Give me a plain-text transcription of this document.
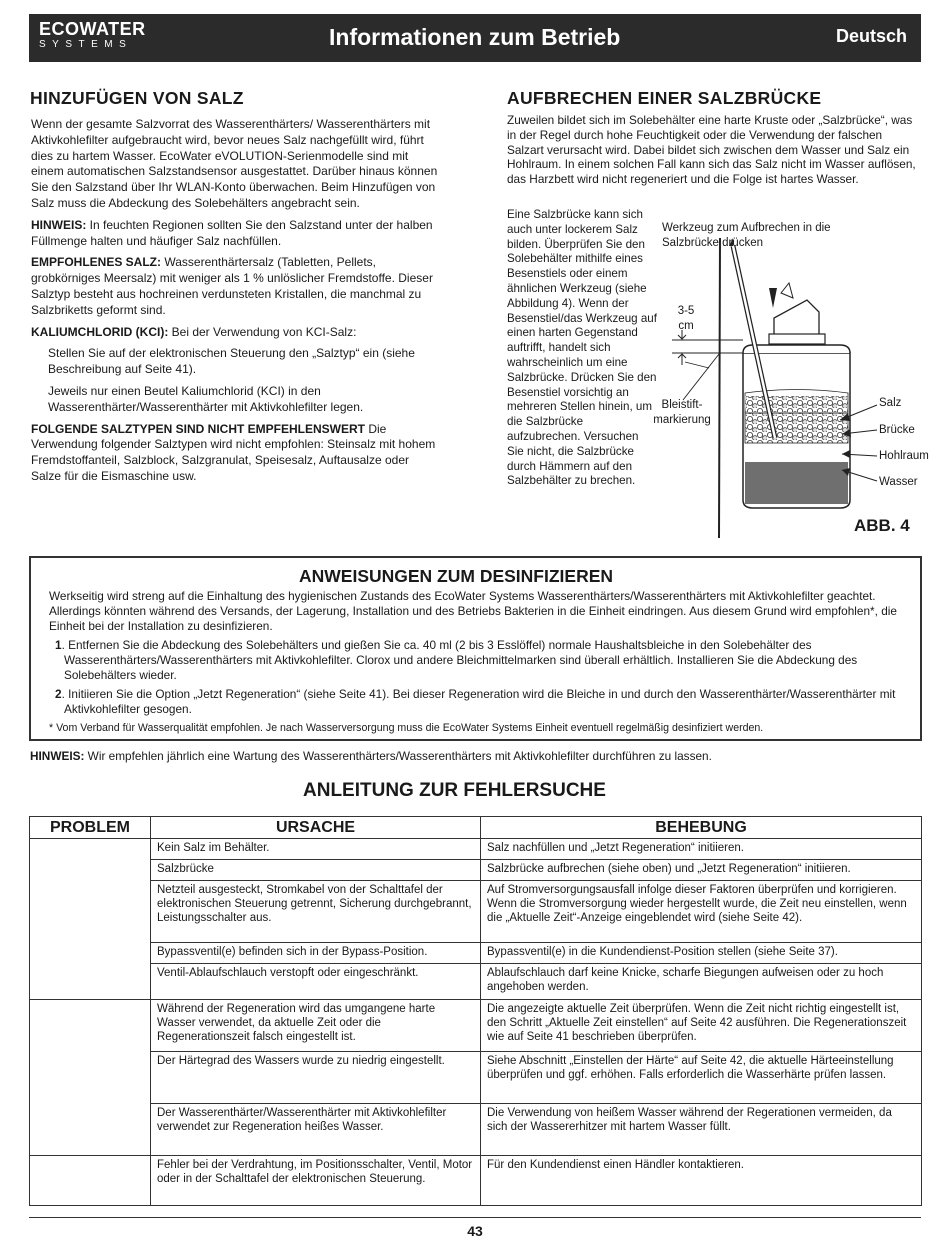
ECOWATER
SYSTEMS	Informationen zum Betrieb	Deutsch
HINZUFÜGEN VON SALZ

Wenn der gesamte Salzvorrat des Wasserenthärters/ Wasserenthärters mit Aktivkohlefilter aufgebraucht wird, bevor neues Salz nachgefüllt wird, führt dies zu hartem Wasser. EcoWater eVOLUTION-Serienmodelle sind mit einem automatischen Salzstandsensor ausgestattet. Darüber hinaus können Sie den Salzstand über Ihr WLAN-Konto überwachen. Beim Hinzufügen von Salz muss die Abdeckung des Solebehälters angebracht sein.

HINWEIS: In feuchten Regionen sollten Sie den Salzstand unter der halben Füllmenge halten und häufiger Salz nachfüllen.

EMPFOHLENES SALZ: Wasserenthärtersalz (Tabletten, Pellets, grobkörniges Meersalz) mit weniger als 1 % unlöslicher Fremdstoffe. Dieser Salztyp besteht aus hochreinen verdunsteten Kristallen, die manchmal zu Salzbriketts geformt sind.

KALIUMCHLORID (KCI): Bei der Verwendung von KCI-Salz:

Stellen Sie auf der elektronischen Steuerung den „Salztyp“ ein (siehe Beschreibung auf Seite 41).

Jeweils nur einen Beutel Kaliumchlorid (KCI) in den Wasserenthärter/Wasserenthärter mit Aktivkohlefilter legen.

FOLGENDE SALZTYPEN SIND NICHT EMPFEHLENSWERT Die Verwendung folgender Salztypen wird nicht empfohlen: Steinsalz mit hohem Fremdstoffanteil, Salzblock, Salzgranulat, Speisesalz, Auftausalze oder Salze für die Eismaschine usw.

AUFBRECHEN EINER SALZBRÜCKE
Zuweilen bildet sich im Solebehälter eine harte Kruste oder „Salzbrücke“, was in der Regel durch hohe Feuchtigkeit oder die Verwendung der falschen Salzart verursacht wird. Dabei bildet sich zwischen dem Wasser und Salz ein Hohlraum. In einem solchen Fall kann sich das Salz nicht im Wasser auflösen, das Harzbett wird nicht regeneriert und die Folge ist hartes Wasser.
Eine Salzbrücke kann sich auch unter lockerem Salz bilden. Überprüfen Sie den Solebehälter mithilfe eines Besenstiels oder einem ähnlichen Werkzeug (siehe Abbildung 4). Wenn der Besenstiel/das Werkzeug auf einen harten Gegenstand auftrifft, handelt sich wahrscheinlich um eine Salzbrücke. Drücken Sie den Besenstiel vorsichtig an mehreren Stellen hinein, um die Salzbrücke aufzubrechen. Versuchen Sie nicht, die Salzbrücke durch Hämmern auf den Salzbehälter zu brechen.
Werkzeug zum Aufbrechen in die Salzbrücke drücken
3-5 cm
Bleistift- markierung
Salz
Brücke
Hohlraum
Wasser
ABB. 4
ANWEISUNGEN ZUM DESINFIZIEREN

Werkseitig wird streng auf die Einhaltung des hygienischen Zustands des EcoWater Systems Wasserenthärters/Wasserenthärters mit Aktivkohlefilter geachtet. Allerdings könnten während des Versands, der Lagerung, Installation und des Betriebs Bakterien in die Einheit eindringen. Aus diesem Grund wird empfohlen*, die Einheit bei der Installation zu desinfizieren.

1. Entfernen Sie die Abdeckung des Solebehälters und gießen Sie ca. 40 ml (2 bis 3 Esslöffel) normale Haushaltsbleiche in den Solebehälter des Wasserenthärters/Wasserenthärters mit Aktivkohlefilter. Clorox und andere Bleichmittelmarken sind überall erhältlich. Installieren Sie die Abdeckung des Solebehälters wieder.

2. Initiieren Sie die Option „Jetzt Regeneration“ (siehe Seite 41). Bei dieser Regeneration wird die Bleiche in und durch den Wasserenthärter/Wasserenthärter mit Aktivkohlefilter gesogen.

* Vom Verband für Wasserqualität empfohlen. Je nach Wasserversorgung muss die EcoWater Systems Einheit eventuell regelmäßig desinfiziert werden.

HINWEIS: Wir empfehlen jährlich eine Wartung des Wasserenthärters/Wasserenthärters mit Aktivkohlefilter durchführen zu lassen.
ANLEITUNG ZUR FEHLERSUCHE
PROBLEM	URSACHE	BEHEBUNG
	Kein Salz im Behälter.	Salz nachfüllen und „Jetzt Regeneration“ initiieren.
	Salzbrücke	Salzbrücke aufbrechen (siehe oben) und „Jetzt Regeneration“ initiieren.
	Netzteil ausgesteckt, Stromkabel von der Schalttafel der elektronischen Steuerung getrennt, Sicherung durchgebrannt, Leistungsschalter aus.	Auf Stromversorgungsausfall infolge dieser Faktoren überprüfen und korrigieren. Wenn die Stromversorgung wieder hergestellt wurde, die Zeit neu einstellen, wenn die „Aktuelle Zeit“-Anzeige eingeblendet wird (siehe Seite 42).
	Bypassventil(e) befinden sich in der Bypass-Position.	Bypassventil(e) in die Kundendienst-Position stellen (siehe Seite 37).
	Ventil-Ablaufschlauch verstopft oder eingeschränkt.	Ablaufschlauch darf keine Knicke, scharfe Biegungen aufweisen oder zu hoch angehoben werden.
	Während der Regeneration wird das umgangene harte Wasser verwendet, da aktuelle Zeit oder die Regenerationszeit falsch eingestellt ist.	Die angezeigte aktuelle Zeit überprüfen. Wenn die Zeit nicht richtig eingestellt ist, den Schritt „Aktuelle Zeit einstellen“ auf Seite 42 ausführen. Die Regenerationszeit wie auf Seite 41 beschrieben überprüfen.
	Der Härtegrad des Wassers wurde zu niedrig eingestellt.	Siehe Abschnitt „Einstellen der Härte“ auf Seite 42, die aktuelle Härteeinstellung überprüfen und ggf. erhöhen. Falls erforderlich die Wasserhärte prüfen lassen.
	Der Wasserenthärter/Wasserenthärter mit Aktivkohlefilter verwendet zur Regeneration heißes Wasser.	Die Verwendung von heißem Wasser während der Regerationen vermeiden, da sich der Wassererhitzer mit hartem Wasser füllt.
	Fehler bei der Verdrahtung, im Positionsschalter, Ventil, Motor oder in der Schalttafel der elektronischen Steuerung.	Für den Kundendienst einen Händler kontaktieren.
43
